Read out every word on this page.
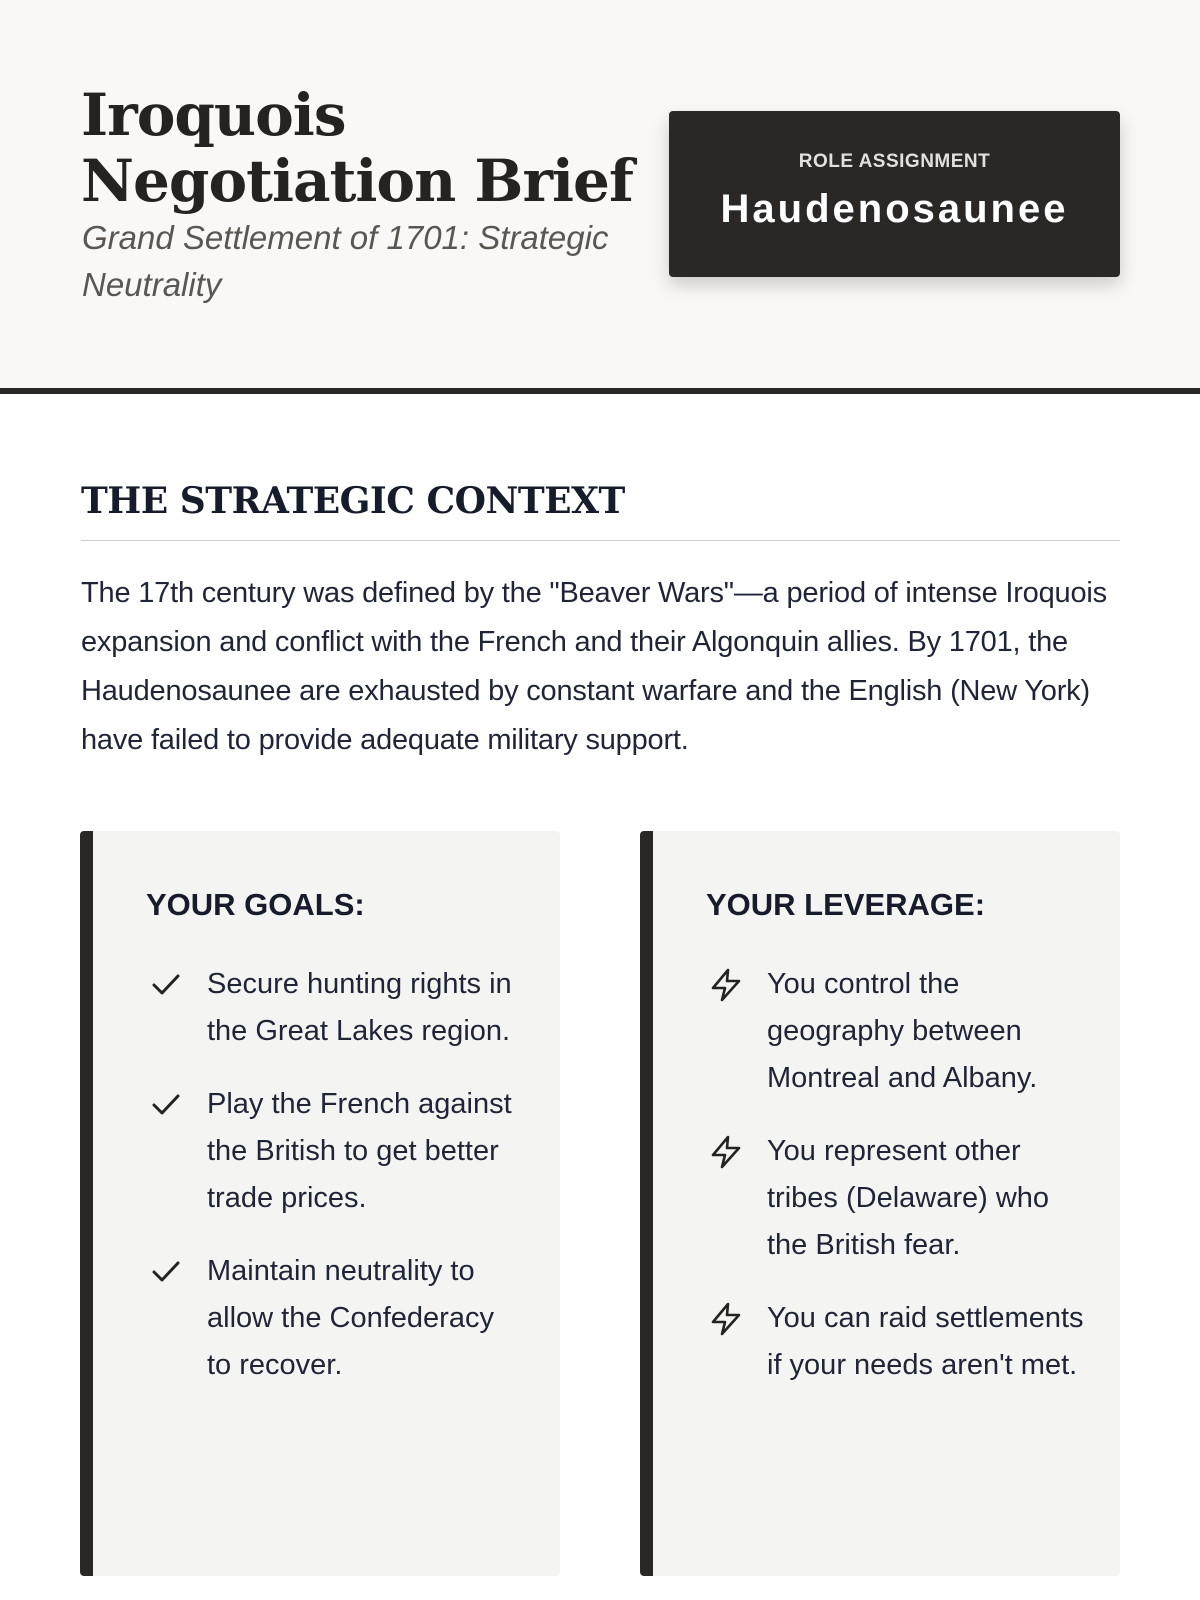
Iroquois Negotiation Brief
Grand Settlement of 1701: Strategic Neutrality
ROLE ASSIGNMENT
Haudenosaunee
THE STRATEGIC CONTEXT

The 17th century was defined by the "Beaver Wars"—a period of intense Iroquois expansion and conflict with the French and their Algonquin allies. By 1701, the Haudenosaunee are exhausted by constant warfare and the English (New York) have failed to provide adequate military support.

YOUR GOALS:
Secure hunting rights in the Great Lakes region.
Play the French against the British to get better trade prices.
Maintain neutrality to allow the Confederacy to recover.
YOUR LEVERAGE:
You control the geography between Montreal and Albany.
You represent other tribes (Delaware) who the British fear.
You can raid settlements if your needs aren't met.
